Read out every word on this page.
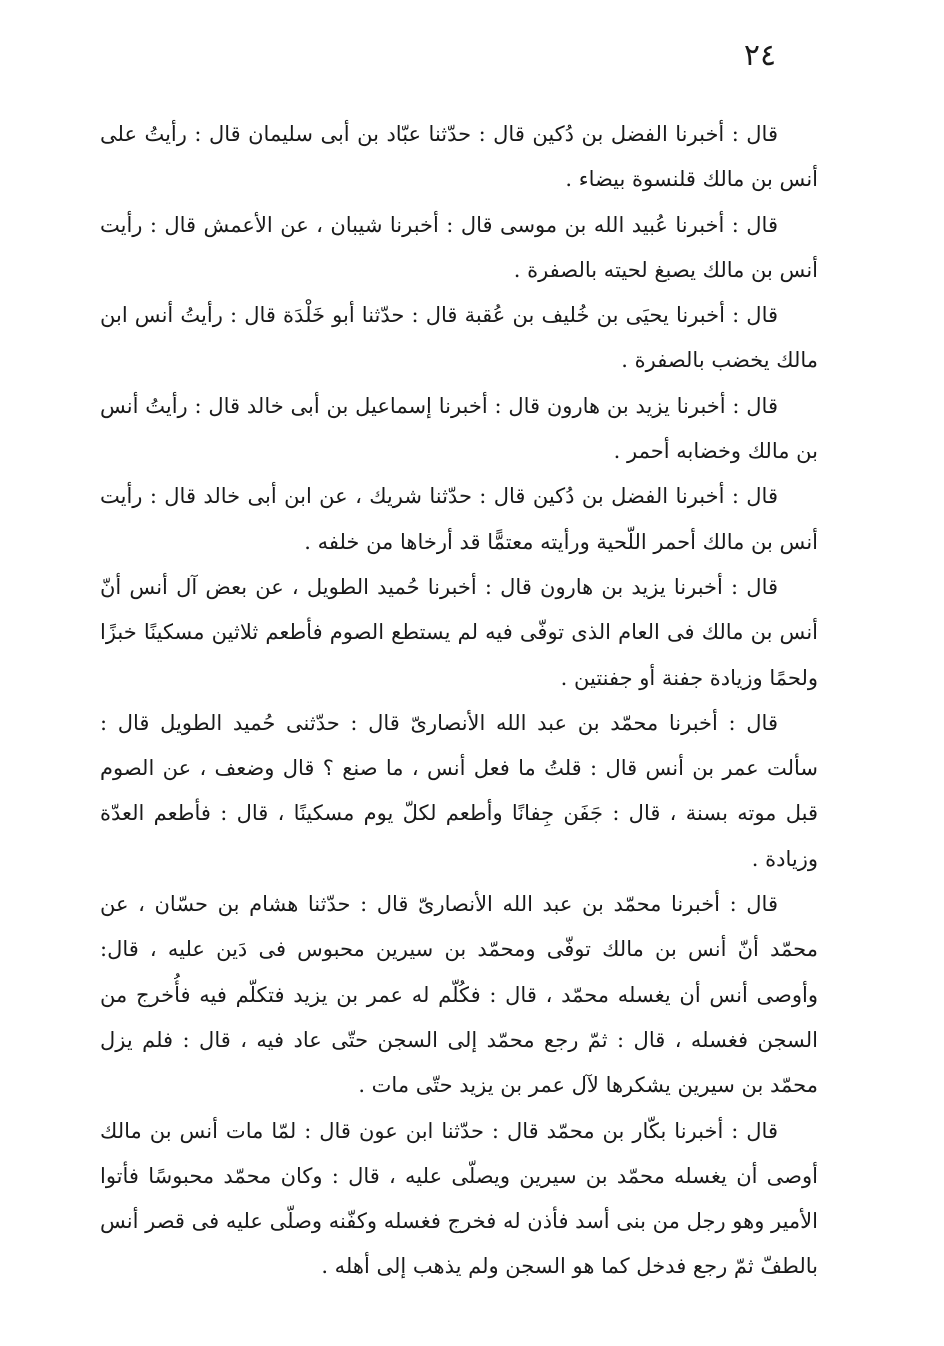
٢٤

قال : أخبرنا الفضل بن دُكين قال : حدّثنا عبّاد بن أبى سليمان قال : رأيتُ على أنس بن مالك قلنسوة بيضاء .

قال : أخبرنا عُبيد الله بن موسى قال : أخبرنا شيبان ، عن الأعمش قال : رأيت أنس بن مالك يصبغ لحيته بالصفرة .

قال : أخبرنا يحيَى بن خُليف بن عُقبة قال : حدّثنا أبو خَلْدَة قال : رأيتُ أنس ابن مالك يخضب بالصفرة .

قال : أخبرنا يزيد بن هارون قال : أخبرنا إسماعيل بن أبى خالد قال : رأيتُ أنس بن مالك وخضابه أحمر .

قال : أخبرنا الفضل بن دُكين قال : حدّثنا شريك ، عن ابن أبى خالد قال : رأيت أنس بن مالك أحمر اللّحية ورأيته معتمًّا قد أرخاها من خلفه .

قال : أخبرنا يزيد بن هارون قال : أخبرنا حُميد الطويل ، عن بعض آل أنس أنّ أنس بن مالك فى العام الذى توفّى فيه لم يستطع الصوم فأطعم ثلاثين مسكينًا خبزًا ولحمًا وزيادة جفنة أو جفنتين .

قال : أخبرنا محمّد بن عبد الله الأنصارىّ قال : حدّثنى حُميد الطويل قال : سألت عمر بن أنس قال : قلتُ ما فعل أنس ، ما صنع ؟ قال وضعف ، عن الصوم قبل موته بسنة ، قال : جَفَن جِفانًا وأطعم لكلّ يوم مسكينًا ، قال : فأطعم العدّة وزيادة .

قال : أخبرنا محمّد بن عبد الله الأنصارىّ قال : حدّثنا هشام بن حسّان ، عن محمّد أنّ أنس بن مالك توفّى ومحمّد بن سيرين محبوس فى دَين عليه ، قال: وأوصى أنس أن يغسله محمّد ، قال : فكُلّم له عمر بن يزيد فتكلّم فيه فأُخرج من السجن فغسله ، قال : ثمّ رجع محمّد إلى السجن حتّى عاد فيه ، قال : فلم يزل محمّد بن سيرين يشكرها لآل عمر بن يزيد حتّى مات .

قال : أخبرنا بكّار بن محمّد قال : حدّثنا ابن عون قال : لمّا مات أنس بن مالك أوصى أن يغسله محمّد بن سيرين ويصلّى عليه ، قال : وكان محمّد محبوسًا فأتوا الأمير وهو رجل من بنى أسد فأذن له فخرج فغسله وكفّنه وصلّى عليه فى قصر أنس بالطفّ ثمّ رجع فدخل كما هو السجن ولم يذهب إلى أهله .
